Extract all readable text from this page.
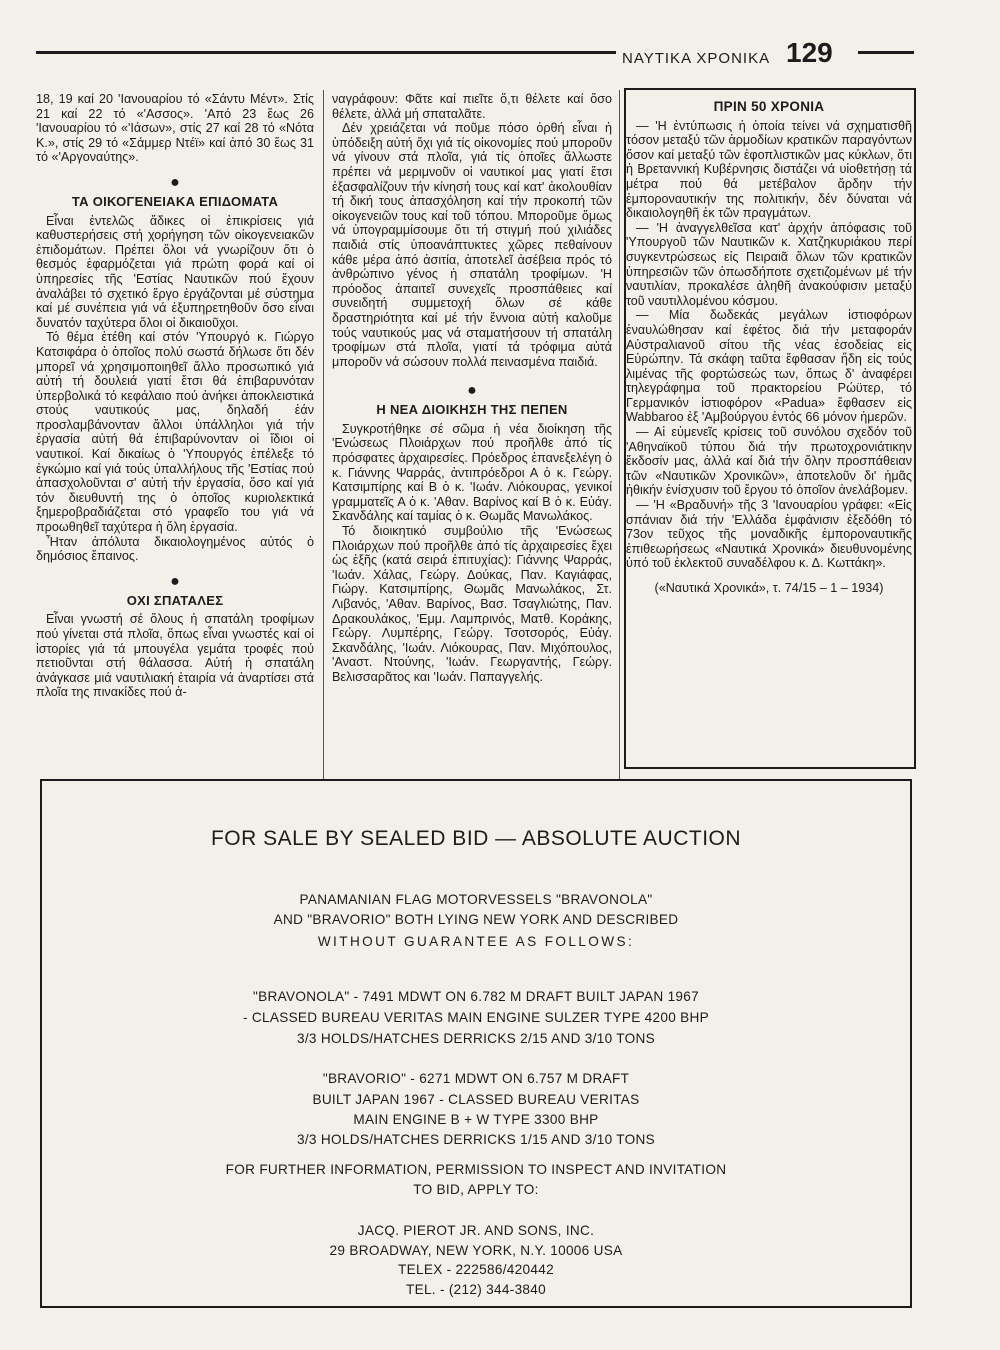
ΝΑΥΤΙΚΑ ΧΡΟΝΙΚΑ 129

18, 19 καί 20 'Ιανουαρίου τό «Σάντυ Μέντ». Στίς 21 καί 22 τό «'Ασσος». 'Από 23 ἕως 26 'Ιανουαρίου τό «'Ιάσων», στίς 27 καί 28 τό «Νότα Κ.», στίς 29 τό «Σάμμερ Ντέϊ» καί ἀπό 30 ἕως 31 τό «'Αργοναύτης».

●
ΤΑ ΟΙΚΟΓΕΝΕΙΑΚΑ ΕΠΙΔΟΜΑΤΑ

Εἶναι ἐντελῶς ἄδικες οἱ ἐπικρίσεις γιά καθυστερήσεις στή χορήγηση τῶν οἰκογενειακῶν ἐπιδομάτων. Πρέπει ὅλοι νά γνωρίζουν ὅτι ὁ θεσμός ἐφαρμόζεται γιά πρώτη φορά καί οἱ ὑπηρεσίες τῆς 'Εστίας Ναυτικῶν πού ἔχουν ἀναλάβει τό σχετικό ἔργο ἐργάζονται μέ σύστημα καί μέ συνέπεια γιά νά ἐξυπηρετηθοῦν ὅσο εἶναι δυνατόν ταχύτερα ὅλοι οἱ δικαιοῦχοι.

Τό θέμα ἐτέθη καί στόν 'Υπουργό κ. Γιώργο Κατσιφάρα ὁ ὁποῖος πολύ σωστά δήλωσε ὅτι δέν μπορεῖ νά χρησιμοποιηθεῖ ἄλλο προσωπικό γιά αὐτή τή δουλειά γιατί ἔτσι θά ἐπιβαρυνόταν ὑπερβολικά τό κεφάλαιο πού ἀνήκει ἀποκλειστικά στούς ναυτικούς μας, δηλαδή ἐάν προσλαμβάνονταν ἄλλοι ὑπάλληλοι γιά τήν ἐργασία αὐτή θά ἐπιβαρύνονταν οἱ ἴδιοι οἱ ναυτικοί. Καί δικαίως ὁ 'Υπουργός ἐπέλεξε τό ἐγκώμιο καί γιά τούς ὑπαλλήλους τῆς 'Εστίας πού ἀπασχολοῦνται σ' αὐτή τήν ἐργασία, ὅσο καί γιά τόν διευθυντή της ὁ ὁποῖος κυριολεκτικά ξημεροβραδιάζεται στό γραφεῖο του γιά νά προωθηθεῖ ταχύτερα ἡ ὅλη ἐργασία.

Ἦταν ἀπόλυτα δικαιολογημένος αὐτός ὁ δημόσιος ἔπαινος.

●
ΟΧΙ ΣΠΑΤΑΛΕΣ

Εἶναι γνωστή σέ ὅλους ἡ σπατάλη τροφίμων πού γίνεται στά πλοῖα, ὅπως εἶναι γνωστές καί οἱ ἱστορίες γιά τά μπουγέλα γεμάτα τροφές πού πετιοῦνται στή θάλασσα. Αὐτή ἡ σπατάλη ἀνάγκασε μιά ναυτιλιακή ἑταιρία νά ἀναρτίσει στά πλοῖα της πινακίδες πού ἀ-

ναγράφουν: Φᾶτε καί πιεῖτε ὅ,τι θέλετε καί ὅσο θέλετε, ἀλλά μή σπαταλᾶτε.

Δέν χρειάζεται νά ποῦμε πόσο ὀρθή εἶναι ἡ ὑπόδειξη αὐτή ὄχι γιά τίς οἰκονομίες πού μποροῦν νά γίνουν στά πλοῖα, γιά τίς ὁποῖες ἄλλωστε πρέπει νά μεριμνοῦν οἱ ναυτικοί μας γιατί ἔτσι ἐξασφαλίζουν τήν κίνησή τους καί κατ' ἀκολουθίαν τή δική τους ἀπασχόληση καί τήν προκοπή τῶν οἰκογενειῶν τους καί τοῦ τόπου. Μποροῦμε ὅμως νά ὑπογραμμίσουμε ὅτι τή στιγμή πού χιλιάδες παιδιά στίς ὑποανάπτυκτες χῶρες πεθαίνουν κάθε μέρα ἀπό ἀσιτία, ἀποτελεῖ ἀσέβεια πρός τό ἀνθρώπινο γένος ἡ σπατάλη τροφίμων. 'Η πρόοδος ἀπαιτεῖ συνεχεῖς προσπάθειες καί συνειδητή συμμετοχή ὅλων σέ κάθε δραστηριότητα καί μέ τήν ἔννοια αὐτή καλοῦμε τούς ναυτικούς μας νά σταματήσουν τή σπατάλη τροφίμων στά πλοῖα, γιατί τά τρόφιμα αὐτά μποροῦν νά σώσουν πολλά πεινασμένα παιδιά.

●
Η ΝΕΑ ΔΙΟΙΚΗΣΗ ΤΗΣ ΠΕΠΕΝ

Συγκροτήθηκε σέ σῶμα ἡ νέα διοίκηση τῆς 'Ενώσεως Πλοιάρχων πού προῆλθε ἀπό τίς πρόσφατες ἀρχαιρεσίες. Πρόεδρος ἐπανεξελέγη ὁ κ. Γιάννης Ψαρράς, ἀντιπρόεδροι Α ὁ κ. Γεώργ. Κατσιμπίρης καί Β ὁ κ. 'Ιωάν. Λιόκουρας, γενικοί γραμματεῖς Α ὁ κ. 'Αθαν. Βαρίνος καί Β ὁ κ. Εὐάγ. Σκανδάλης καί ταμίας ὁ κ. Θωμᾶς Μανωλάκος.

Τό διοικητικό συμβούλιο τῆς 'Ενώσεως Πλοιάρχων πού προῆλθε ἀπό τίς ἀρχαιρεσίες ἔχει ὡς ἑξῆς (κατά σειρά ἐπιτυχίας): Γιάννης Ψαρράς, 'Ιωάν. Χάλας, Γεώργ. Δούκας, Παν. Καγιάφας, Γιώργ. Κατσιμπίρης, Θωμᾶς Μανωλάκος, Στ. Λιβανός, 'Αθαν. Βαρίνος, Βασ. Τσαγλιώτης, Παν. Δρακουλάκος, 'Εμμ. Λαμπρινός, Ματθ. Κοράκης, Γεώργ. Λυμπέρης, Γεώργ. Τσοτσορός, Εὐάγ. Σκανδάλης, 'Ιωάν. Λιόκουρας, Παν. Μιχόπουλος, 'Αναστ. Ντούνης, 'Ιωάν. Γεωργαντής, Γεώργ. Βελισσαρᾶτος και 'Ιωάν. Παπαγγελής.

ΠΡΙΝ 50 ΧΡΟΝΙΑ

— 'Η ἐντύπωσις ἡ ὁποία τείνει νά σχηματισθῆ τόσον μεταξύ τῶν ἁρμοδίων κρατικῶν παραγόντων ὅσον καί μεταξύ τῶν ἐφοπλιστικῶν μας κύκλων, ὅτι ἡ Βρεταννική Κυβέρνησις διστάζει νά υἱοθετήσῃ τά μέτρα πού θά μετέβαλον ἄρδην τήν ἐμποροναυτικήν της πολιτικήν, δέν δύναται νά δικαιολογηθῆ ἐκ τῶν πραγμάτων.

— 'Η ἀναγγελθεῖσα κατ' ἀρχήν ἀπόφασις τοῦ 'Υπουργοῦ τῶν Ναυτικῶν κ. Χατζηκυριάκου περί συγκεντρώσεως εἰς Πειραιᾶ ὅλων τῶν κρατικῶν ὑπηρεσιῶν τῶν ὁπωσδήποτε σχετιζομένων μέ τήν ναυτιλίαν, προκαλέσε ἀληθῆ ἀνακούφισιν μεταξύ τοῦ ναυτιλλομένου κόσμου.

— Μία δωδεκάς μεγάλων ἱστιοφόρων ἐναυλώθησαν καί ἐφέτος διά τήν μεταφοράν Αὐστραλιανοῦ σίτου τῆς νέας ἐσοδείας εἰς Εὐρώπην. Τά σκάφη ταῦτα ἔφθασαν ἤδη εἰς τούς λιμένας τῆς φορτώσεώς των, ὅπως δ' ἀναφέρει τηλεγράφημα τοῦ πρακτορείου Ρώϋτερ, τό Γερμανικόν ἱστιοφόρον «Padua» ἔφθασεν εἰς Wabbaroo ἐξ 'Αμβούργου ἐντός 66 μόνον ἡμερῶν.

— Αἱ εὐμενεῖς κρίσεις τοῦ συνόλου σχεδόν τοῦ 'Αθηναϊκοῦ τύπου διά τήν πρωτοχρονιάτικην ἔκδοσίν μας, ἀλλά καί διά τήν ὅλην προσπάθειαν τῶν «Ναυτικῶν Χρονικῶν», ἀποτελοῦν δι' ἡμᾶς ἠθικήν ἐνίσχυσιν τοῦ ἔργου τό ὁποῖον ἀνελάβομεν.

— 'Η «Βραδυνή» τῆς 3 'Ιανουαρίου γράφει: «Εἰς σπάνιαν διά τήν 'Ελλάδα ἐμφάνισιν ἐξεδόθη τό 73ον τεῦχος τῆς μοναδικῆς ἐμπορoναυτικῆς ἐπιθεωρήσεως «Ναυτικά Χρονικά» διευθυνομένης ὑπό τοῦ ἐκλεκτοῦ συναδέλφου κ. Δ. Κωττάκη».

(«Ναυτικά Χρονικά», τ. 74/15 – 1 – 1934)

FOR SALE BY SEALED BID — ABSOLUTE AUCTION
PANAMANIAN FLAG MOTORVESSELS "BRAVONOLA"
AND "BRAVORIO" BOTH LYING NEW YORK AND DESCRIBED
WITHOUT GUARANTEE AS FOLLOWS:
"BRAVONOLA" - 7491 MDWT ON 6.782 M DRAFT BUILT JAPAN 1967
- CLASSED BUREAU VERITAS MAIN ENGINE SULZER TYPE 4200 BHP
3/3 HOLDS/HATCHES DERRICKS 2/15 AND 3/10 TONS
"BRAVORIO" - 6271 MDWT ON 6.757 M DRAFT
BUILT JAPAN 1967 - CLASSED BUREAU VERITAS
MAIN ENGINE B + W TYPE 3300 BHP
3/3 HOLDS/HATCHES DERRICKS 1/15 AND 3/10 TONS
FOR FURTHER INFORMATION, PERMISSION TO INSPECT AND INVITATION
TO BID, APPLY TO:
JACQ. PIEROT JR. AND SONS, INC.
29 BROADWAY, NEW YORK, N.Y. 10006 USA
TELEX - 222586/420442
TEL. - (212) 344-3840
